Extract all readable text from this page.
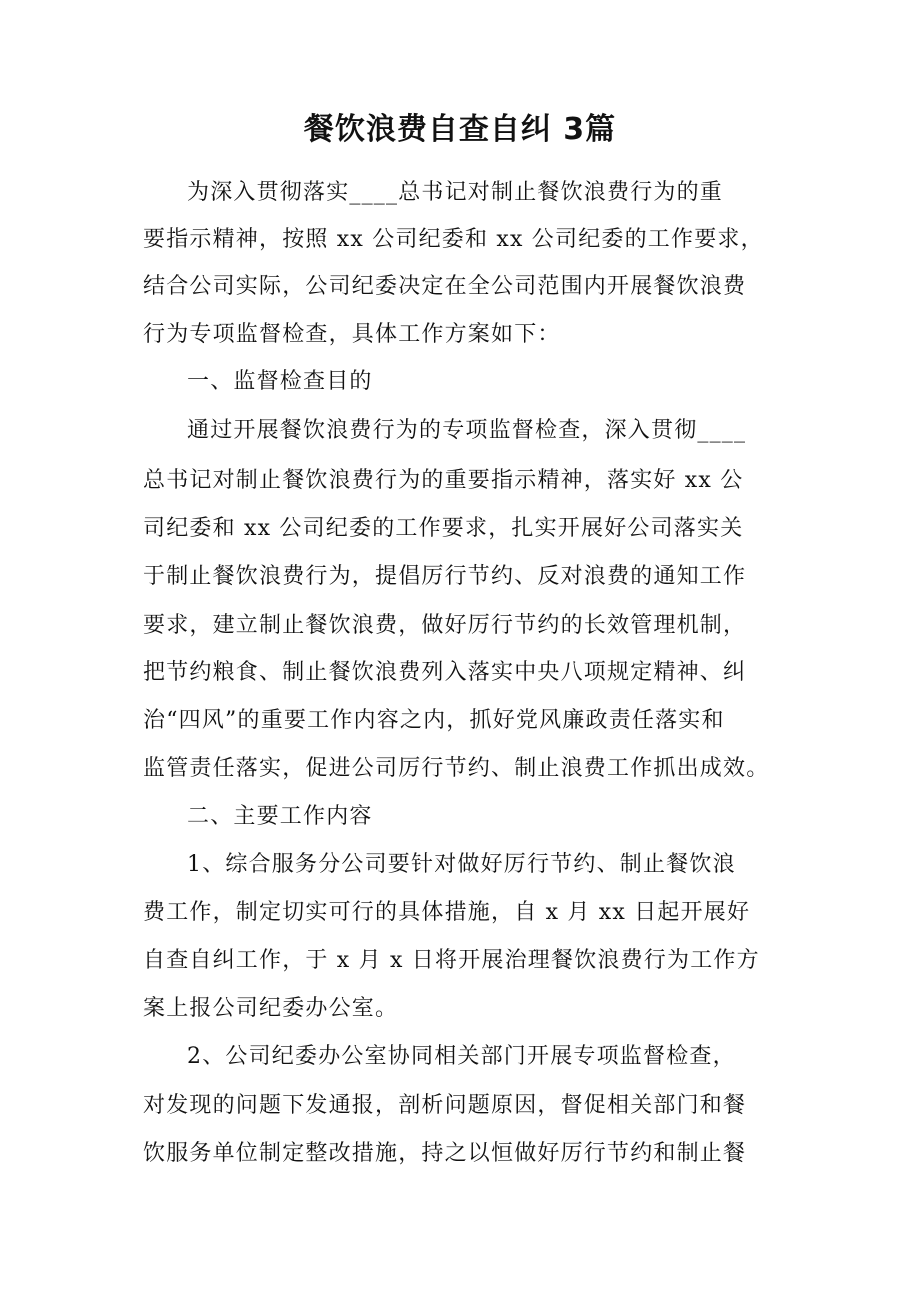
餐饮浪费自查自纠 3篇
为深入贯彻落实____总书记对制止餐饮浪费行为的重
要指示精神，按照 xx 公司纪委和 xx 公司纪委的工作要求，
结合公司实际，公司纪委决定在全公司范围内开展餐饮浪费
行为专项监督检查，具体工作方案如下：
一、监督检查目的
通过开展餐饮浪费行为的专项监督检查，深入贯彻____
总书记对制止餐饮浪费行为的重要指示精神，落实好 xx 公
司纪委和 xx 公司纪委的工作要求，扎实开展好公司落实关
于制止餐饮浪费行为，提倡厉行节约、反对浪费的通知工作
要求，建立制止餐饮浪费，做好厉行节约的长效管理机制，
把节约粮食、制止餐饮浪费列入落实中央八项规定精神、纠
治“四风”的重要工作内容之内，抓好党风廉政责任落实和
监管责任落实，促进公司厉行节约、制止浪费工作抓出成效。
二、主要工作内容
1、综合服务分公司要针对做好厉行节约、制止餐饮浪
费工作，制定切实可行的具体措施，自 x 月 xx 日起开展好
自查自纠工作，于 x 月 x 日将开展治理餐饮浪费行为工作方
案上报公司纪委办公室。
2、公司纪委办公室协同相关部门开展专项监督检查，
对发现的问题下发通报，剖析问题原因，督促相关部门和餐
饮服务单位制定整改措施，持之以恒做好厉行节约和制止餐
